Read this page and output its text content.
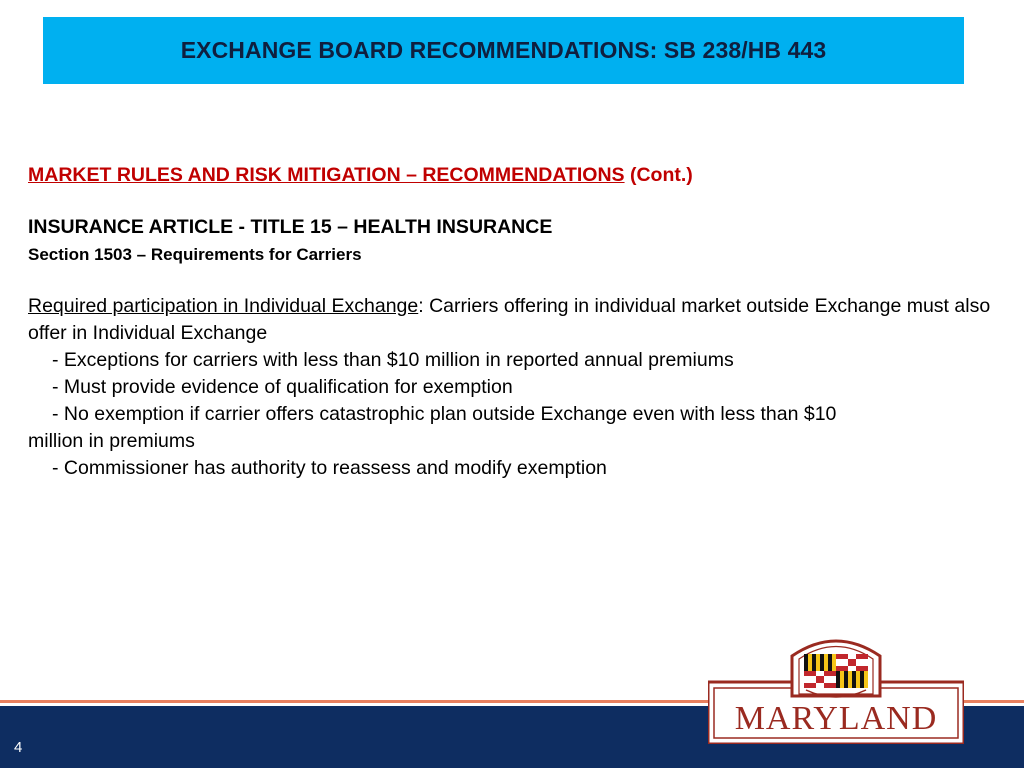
EXCHANGE BOARD RECOMMENDATIONS: SB 238/HB 443
MARKET RULES AND RISK MITIGATION – RECOMMENDATIONS (Cont.)
INSURANCE ARTICLE - TITLE 15 – HEALTH INSURANCE
Section 1503 – Requirements for Carriers
Required participation in Individual Exchange: Carriers offering in individual market outside Exchange must also offer in Individual Exchange
- Exceptions for carriers with less than $10 million in reported annual premiums
- Must provide evidence of qualification for exemption
- No exemption if carrier offers catastrophic plan outside Exchange even with less than $10
million in premiums
- Commissioner has authority to reassess and modify exemption
4
FOUNDED 1634
MARYLAND
